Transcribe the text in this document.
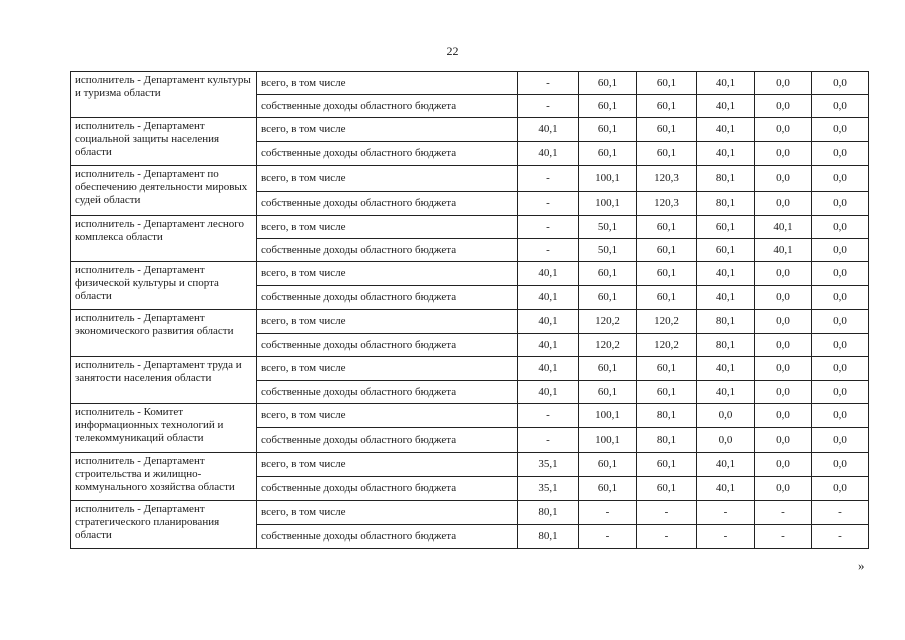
22
исполнитель - Департамент культуры и туризма области	всего, в том числе	-	60,1	60,1	40,1	0,0	0,0
	собственные доходы областного бюджета	-	60,1	60,1	40,1	0,0	0,0
исполнитель - Департамент социальной защиты населения области	всего, в том числе	40,1	60,1	60,1	40,1	0,0	0,0
	собственные доходы областного бюджета	40,1	60,1	60,1	40,1	0,0	0,0
исполнитель - Департамент по обеспечению деятельности мировых судей области	всего, в том числе	-	100,1	120,3	80,1	0,0	0,0
	собственные доходы областного бюджета	-	100,1	120,3	80,1	0,0	0,0
исполнитель - Департамент лесного комплекса области	всего, в том числе	-	50,1	60,1	60,1	40,1	0,0
	собственные доходы областного бюджета	-	50,1	60,1	60,1	40,1	0,0
исполнитель - Департамент физической культуры и спорта области	всего, в том числе	40,1	60,1	60,1	40,1	0,0	0,0
	собственные доходы областного бюджета	40,1	60,1	60,1	40,1	0,0	0,0
исполнитель - Департамент экономического развития области	всего, в том числе	40,1	120,2	120,2	80,1	0,0	0,0
	собственные доходы областного бюджета	40,1	120,2	120,2	80,1	0,0	0,0
исполнитель - Департамент труда и занятости населения области	всего, в том числе	40,1	60,1	60,1	40,1	0,0	0,0
	собственные доходы областного бюджета	40,1	60,1	60,1	40,1	0,0	0,0
исполнитель - Комитет информационных технологий и телекоммуникаций области	всего, в том числе	-	100,1	80,1	0,0	0,0	0,0
	собственные доходы областного бюджета	-	100,1	80,1	0,0	0,0	0,0
исполнитель - Департамент строительства и жилищно-коммунального хозяйства области	всего, в том числе	35,1	60,1	60,1	40,1	0,0	0,0
	собственные доходы областного бюджета	35,1	60,1	60,1	40,1	0,0	0,0
исполнитель - Департамент стратегического планирования области	всего, в том числе	80,1	-	-	-	-	-
	собственные доходы областного бюджета	80,1	-	-	-	-	-
»
